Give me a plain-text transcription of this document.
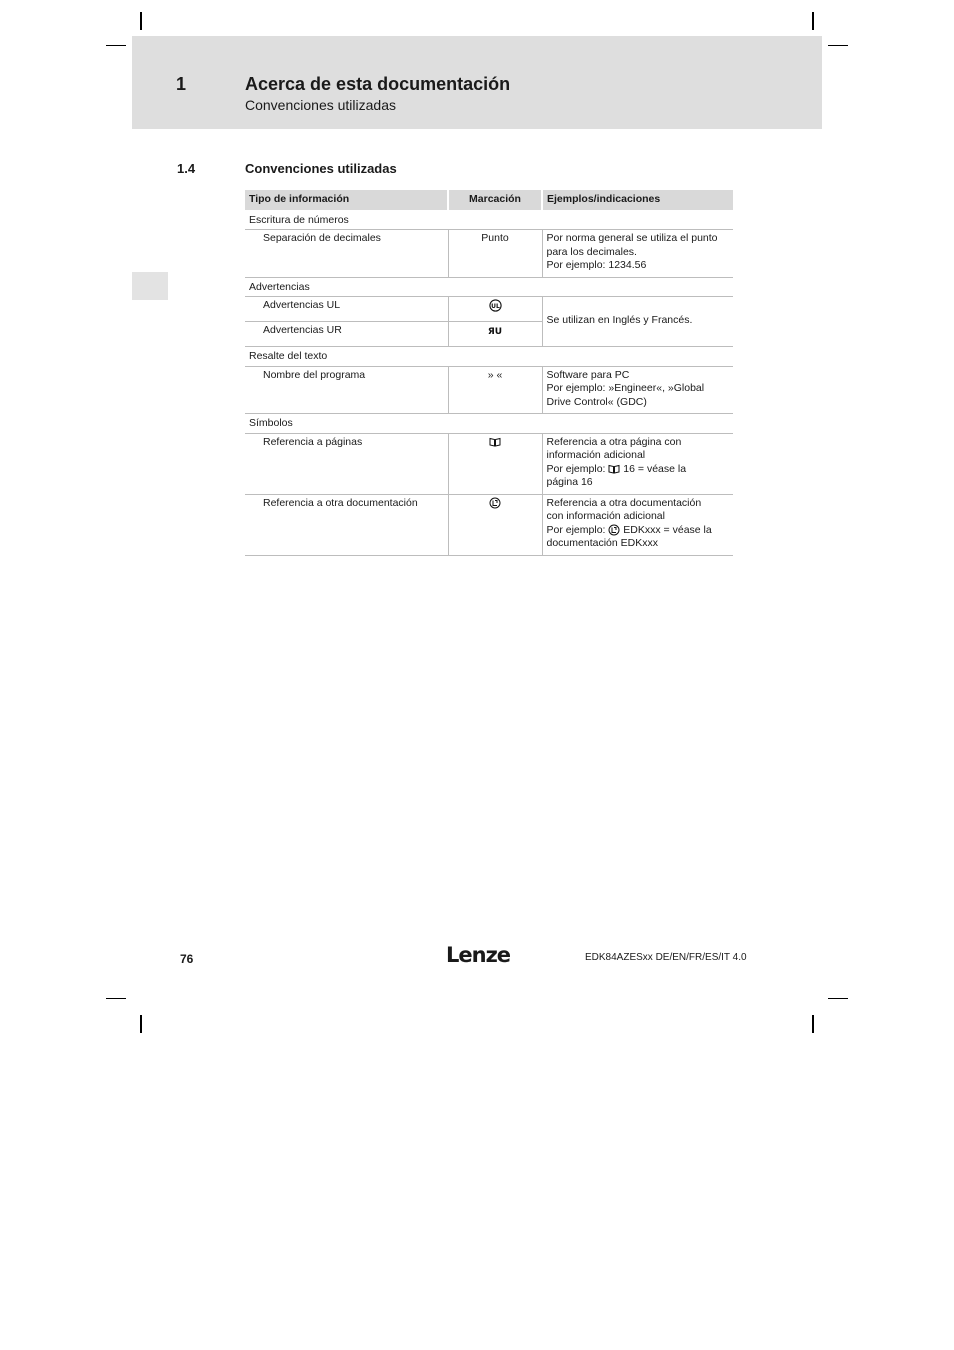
1	Acerca de esta documentación
Convenciones utilizadas
1.4	Convenciones utilizadas
Tipo de información	Marcación	Ejemplos/indicaciones
Escritura de números		
Separación de decimales	Punto	Por norma general se utiliza el punto
para los decimales.
Por ejemplo: 1234.56

Advertencias		
Advertencias UL	UL	Se utilizan en Inglés y Francés.
Advertencias UR	ЯU	

Resalte del texto		
Nombre del programa	» «	Software para PC
Por ejemplo: »Engineer«, »Global
Drive Control« (GDC)

Símbolos		
Referencia a páginas		Referencia a otra página con
información adicional
Por ejemplo: 16 = véase la
página 16

Referencia a otra documentación		Referencia a otra documentación
con información adicional
Por ejemplo: EDKxxx = véase la
documentación EDKxxx
76	Lenze	EDK84AZESxx DE/EN/FR/ES/IT 4.0
